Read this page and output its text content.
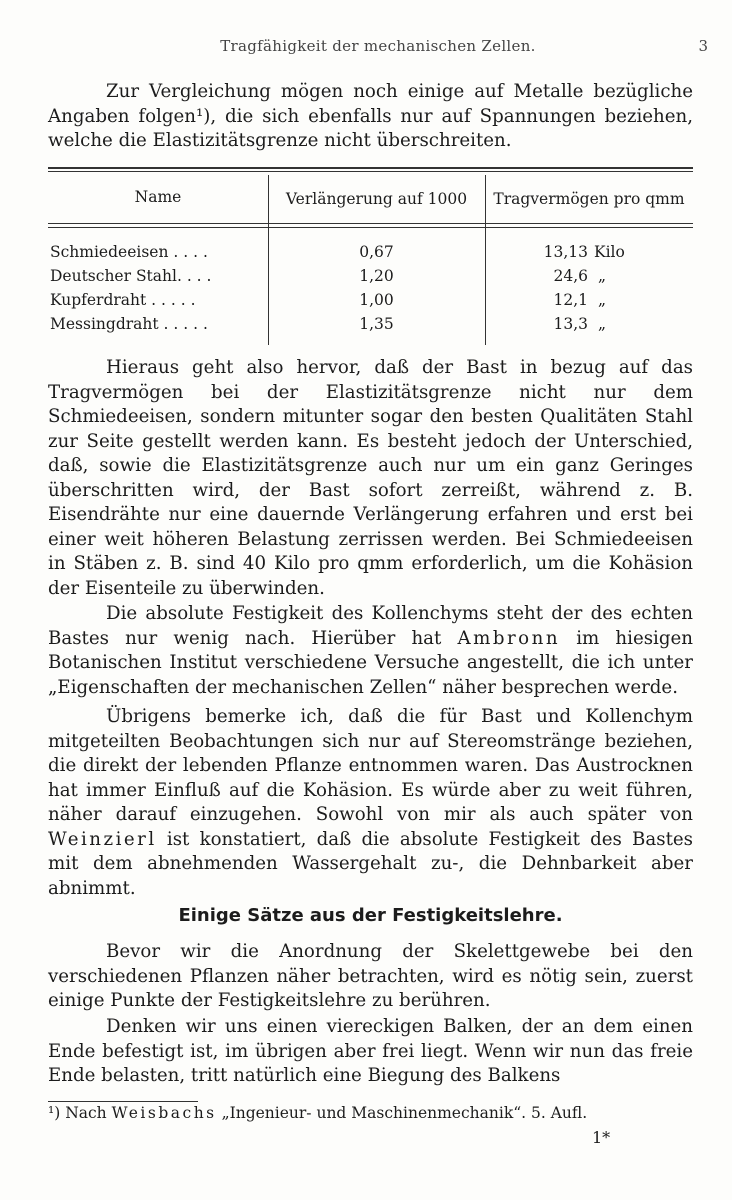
Tragfähigkeit der mechanischen Zellen.	3

Zur Vergleichung mögen noch einige auf Metalle bezügliche Angaben folgen¹), die sich ebenfalls nur auf Spannungen beziehen, welche die Elastizitätsgrenze nicht überschreiten.

Name	Verlängerung auf 1000	Tragvermögen pro qmm
Schmiedeeisen . . . .	0,67	13,13 Kilo
Deutscher Stahl. . . .	1,20	24,6 „
Kupferdraht . . . . .	1,00	12,1 „
Messingdraht . . . . .	1,35	13,3 „

Hieraus geht also hervor, daß der Bast in bezug auf das Tragvermögen bei der Elastizitätsgrenze nicht nur dem Schmiedeeisen, sondern mitunter sogar den besten Qualitäten Stahl zur Seite gestellt werden kann. Es besteht jedoch der Unterschied, daß, sowie die Elastizitätsgrenze auch nur um ein ganz Geringes überschritten wird, der Bast sofort zerreißt, während z. B. Eisendrähte nur eine dauernde Verlängerung erfahren und erst bei einer weit höheren Belastung zerrissen werden. Bei Schmiedeeisen in Stäben z. B. sind 40 Kilo pro qmm erforderlich, um die Kohäsion der Eisenteile zu überwinden.

Die absolute Festigkeit des Kollenchyms steht der des echten Bastes nur wenig nach. Hierüber hat Ambronn im hiesigen Botanischen Institut verschiedene Versuche angestellt, die ich unter „Eigenschaften der mechanischen Zellen“ näher besprechen werde.

Übrigens bemerke ich, daß die für Bast und Kollenchym mitgeteilten Beobachtungen sich nur auf Stereomstränge beziehen, die direkt der lebenden Pflanze entnommen waren. Das Austrocknen hat immer Einfluß auf die Kohäsion. Es würde aber zu weit führen, näher darauf einzugehen. Sowohl von mir als auch später von Weinzierl ist konstatiert, daß die absolute Festigkeit des Bastes mit dem abnehmenden Wassergehalt zu-, die Dehnbarkeit aber abnimmt.

Einige Sätze aus der Festigkeitslehre.

Bevor wir die Anordnung der Skelettgewebe bei den verschiedenen Pflanzen näher betrachten, wird es nötig sein, zuerst einige Punkte der Festigkeitslehre zu berühren.

Denken wir uns einen viereckigen Balken, der an dem einen Ende befestigt ist, im übrigen aber frei liegt. Wenn wir nun das freie Ende belasten, tritt natürlich eine Biegung des Balkens

¹) Nach Weisbachs „Ingenieur- und Maschinenmechanik“. 5. Aufl.
1*
